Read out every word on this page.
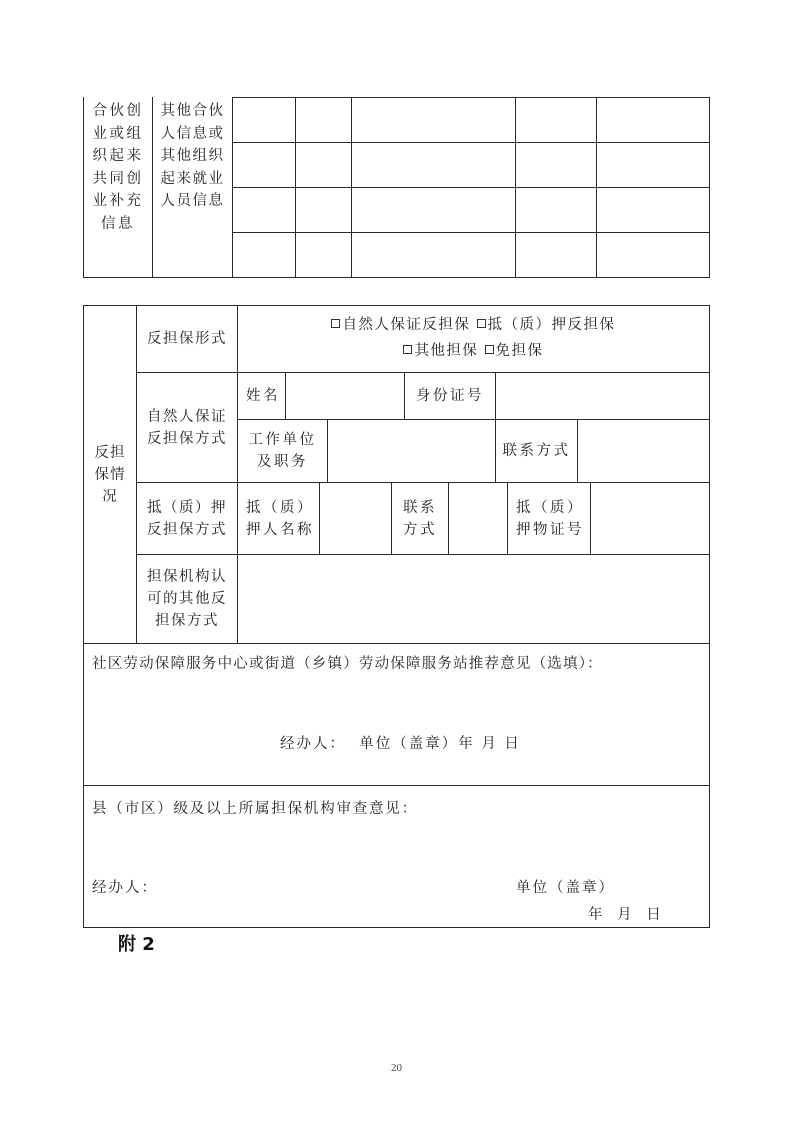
合伙创
业或组
织起来
共同创
业补充
信息
其他合伙
人信息或
其他组织
起来就业
人员信息
反担
保情
况
反担保形式
自然人保证反担保 抵（质）押反担保
其他担保 免担保
自然人保证
反担保方式
姓名	身份证号
工作单位
及职务
联系方式
抵（质）押
反担保方式
抵（质）
押人名称
联系
方式
抵（质）
押物证号
担保机构认
可的其他反
担保方式
社区劳动保障服务中心或街道（乡镇）劳动保障服务站推荐意见（选填）：
经办人：  单位（盖章）年 月 日
县（市区）级及以上所属担保机构审查意见：
经办人：	单位（盖章）
年 月 日
附 2
20
